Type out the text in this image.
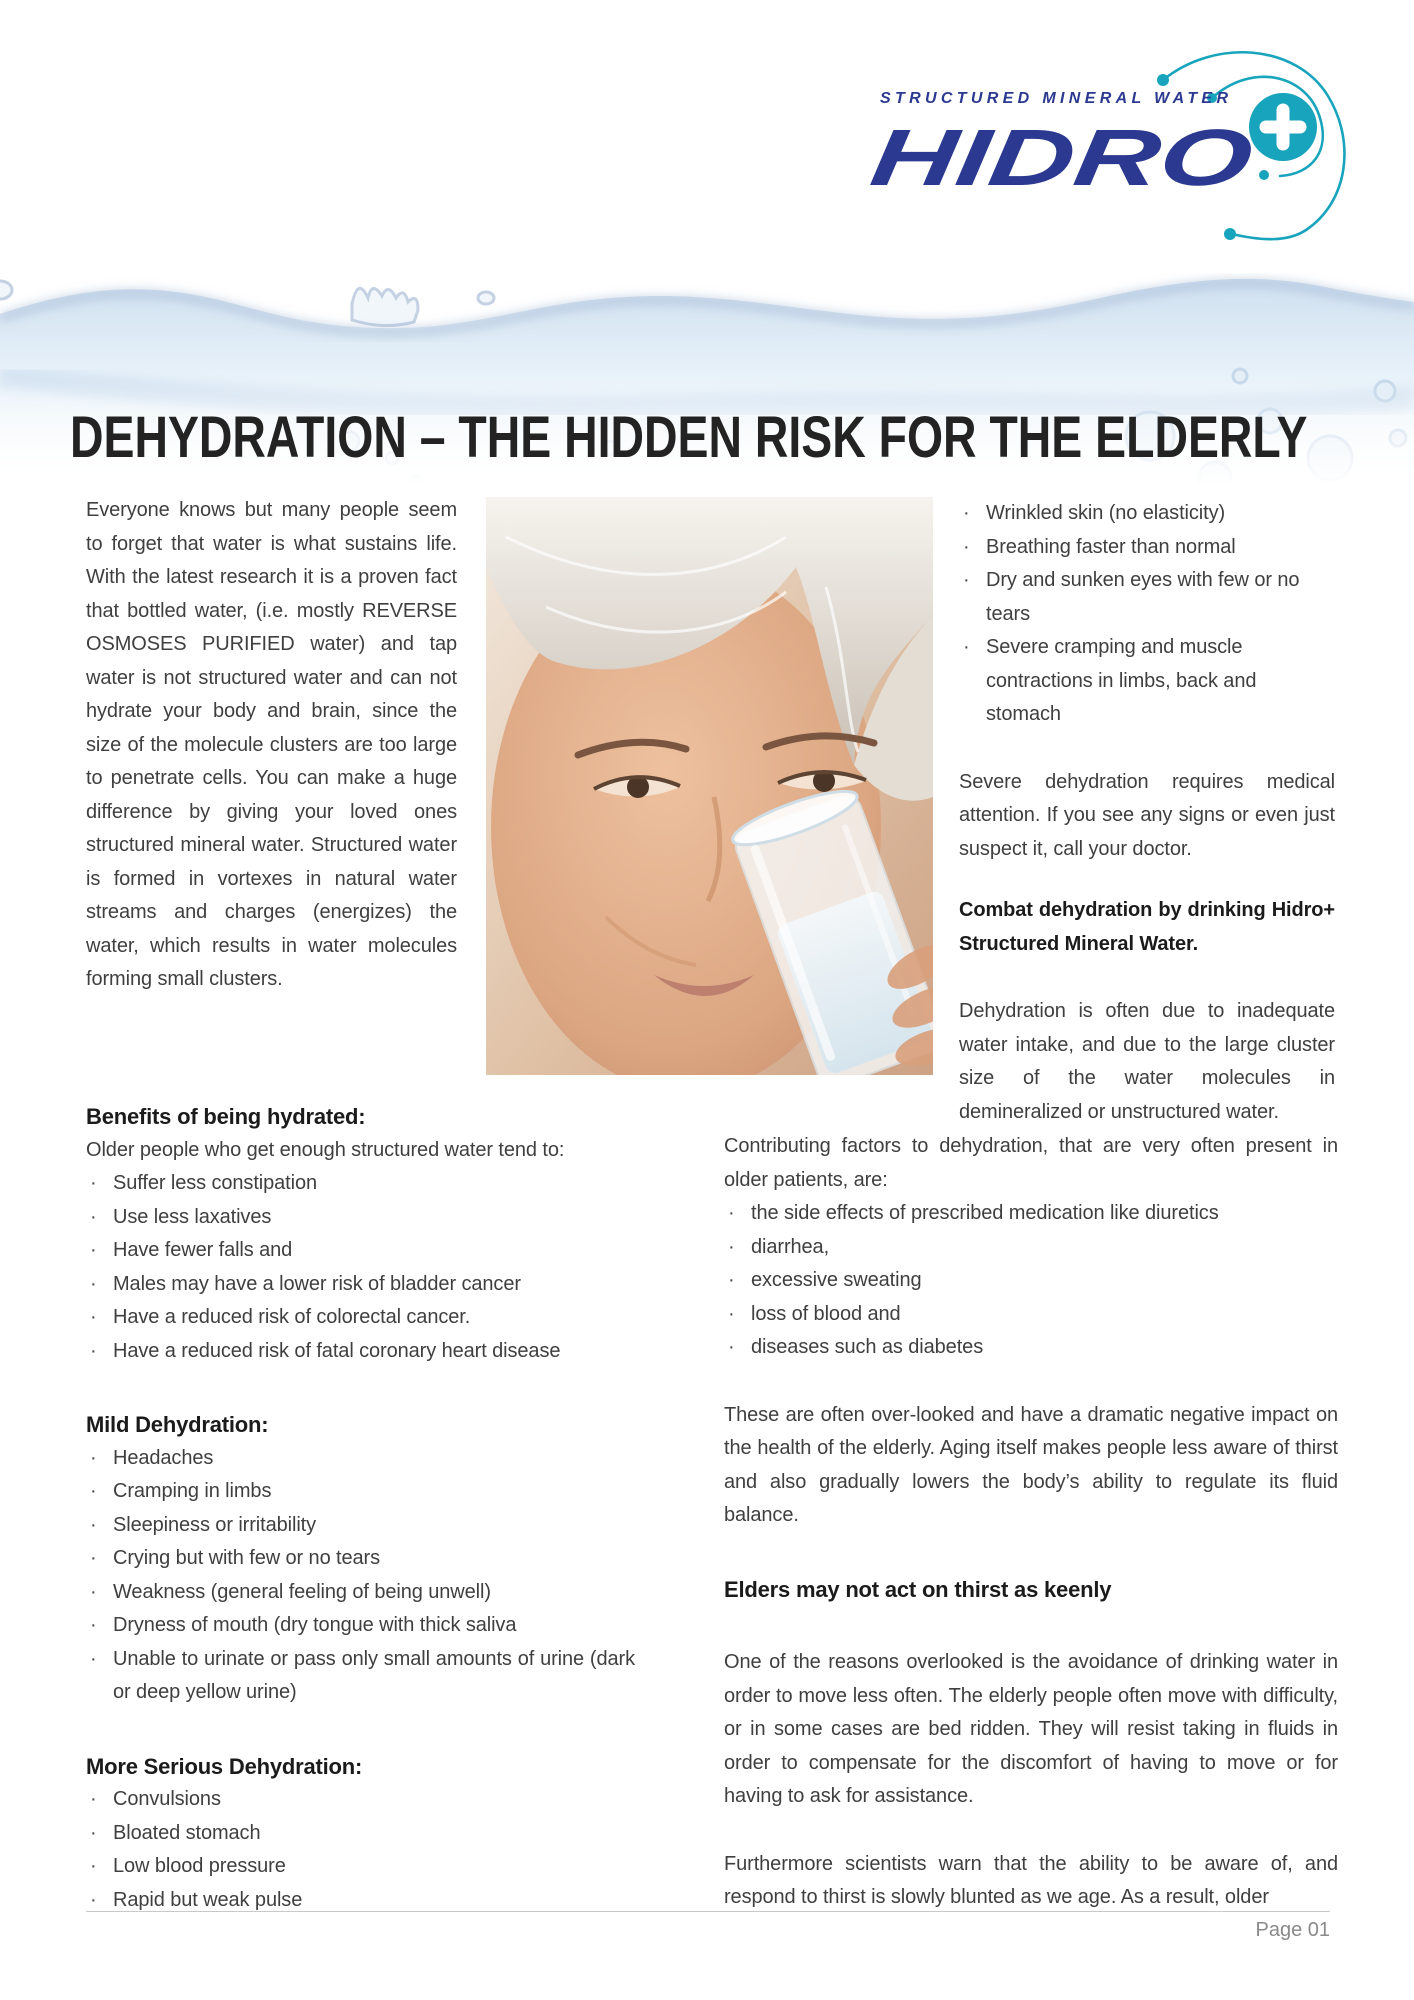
STRUCTURED MINERAL WATER
HIDRO
DEHYDRATION – THE HIDDEN RISK FOR THE ELDERLY

Everyone knows but many people seem to forget that water is what sustains life. With the latest research it is a proven fact that bottled water, (i.e. mostly REVERSE OSMOSES PURIFIED water) and tap water is not structured water and can not hydrate your body and brain, since the size of the molecule clusters are too large to penetrate cells. You can make a huge difference by giving your loved ones structured mineral water. Structured water is formed in vortexes in natural water streams and charges (energizes) the water, which results in water molecules forming small clusters.

· Wrinkled skin (no elasticity)
· Breathing faster than normal
· Dry and sunken eyes with few or no tears
· Severe cramping and muscle contractions in limbs, back and stomach

Severe dehydration requires medical attention. If you see any signs or even just suspect it, call your doctor.

Combat dehydration by drinking Hidro+ Structured Mineral Water.

Dehydration is often due to inadequate water intake, and due to the large cluster size of the water molecules in demineralized or unstructured water.

Benefits of being hydrated:

Older people who get enough structured water tend to:

· Suffer less constipation
· Use less laxatives
· Have fewer falls and
· Males may have a lower risk of bladder cancer
· Have a reduced risk of colorectal cancer.
· Have a reduced risk of fatal coronary heart disease
Mild Dehydration:
· Headaches
· Cramping in limbs
· Sleepiness or irritability
· Crying but with few or no tears
· Weakness (general feeling of being unwell)
· Dryness of mouth (dry tongue with thick saliva
· Unable to urinate or pass only small amounts of urine (dark or deep yellow urine)
More Serious Dehydration:
· Convulsions
· Bloated stomach
· Low blood pressure
· Rapid but weak pulse

Contributing factors to dehydration, that are very often present in older patients, are:

· the side effects of prescribed medication like diuretics
· diarrhea,
· excessive sweating
· loss of blood and
· diseases such as diabetes

These are often over-looked and have a dramatic negative impact on the health of the elderly. Aging itself makes people less aware of thirst and also gradually lowers the body’s ability to regulate its fluid balance.

Elders may not act on thirst as keenly

One of the reasons overlooked is the avoidance of drinking water in order to move less often. The elderly people often move with difficulty, or in some cases are bed ridden. They will resist taking in fluids in order to compensate for the discomfort of having to move or for having to ask for assistance.

Furthermore scientists warn that the ability to be aware of, and respond to thirst is slowly blunted as we age. As a result, older

Page 01
